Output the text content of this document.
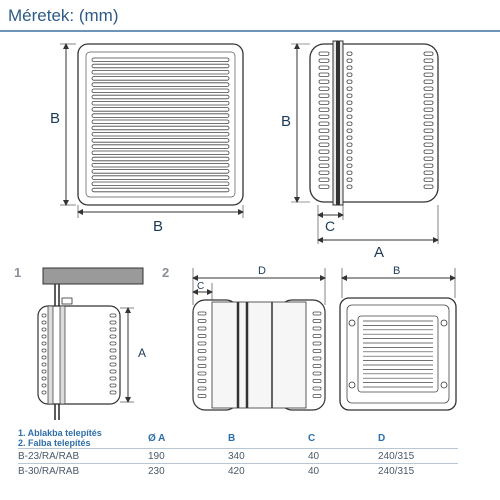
Méretek: (mm)
B
B
B
C
A
1
A
2	D
C
B
1. Ablakba telepítés
2. Falba telepítés	Ø A	B	C	D
B-23/RA/RAB	190	340	40	240/315
B-30/RA/RAB	230	420	40	240/315
